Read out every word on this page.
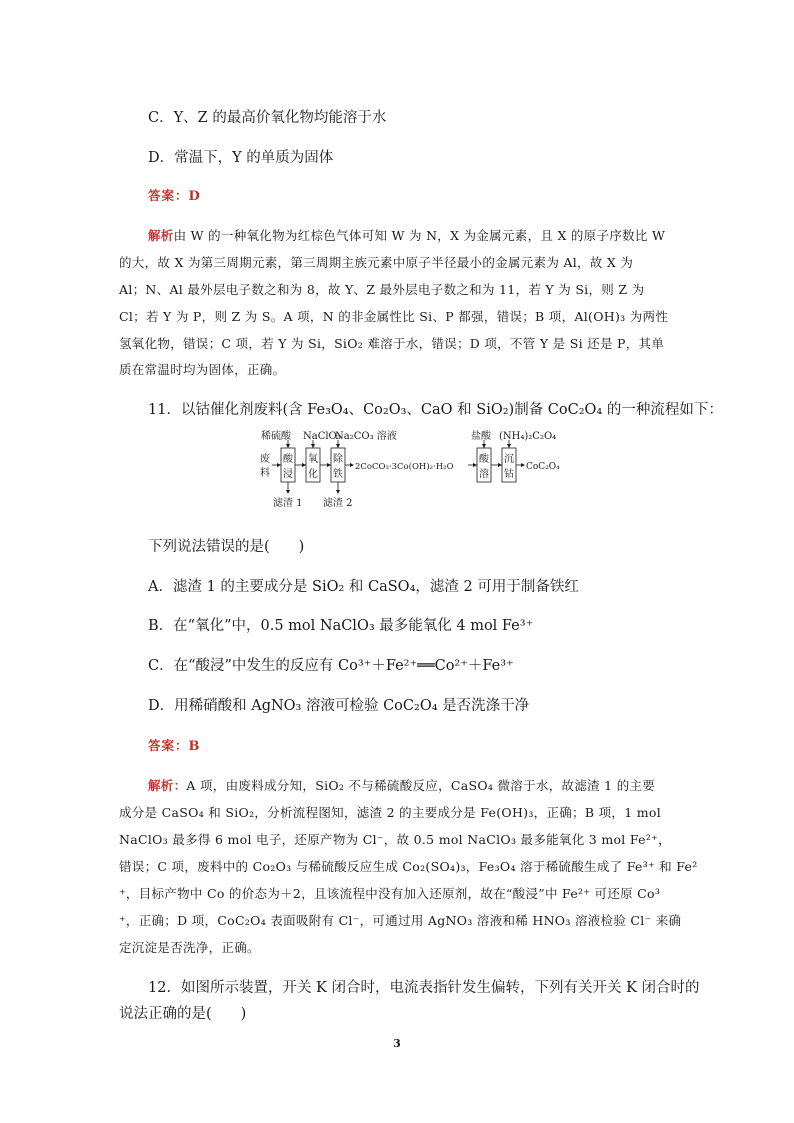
C．Y、Z 的最高价氧化物均能溶于水
D．常温下，Y 的单质为固体
答案：D
解析由 W 的一种氧化物为红棕色气体可知 W 为 N，X 为金属元素，且 X 的原子序数比 W
的大，故 X 为第三周期元素，第三周期主族元素中原子半径最小的金属元素为 Al，故 X 为
Al；N、Al 最外层电子数之和为 8，故 Y、Z 最外层电子数之和为 11，若 Y 为 Si，则 Z 为
Cl；若 Y 为 P，则 Z 为 S。A 项，N 的非金属性比 Si、P 都强，错误；B 项，Al(OH)₃ 为两性
氢氧化物，错误；C 项，若 Y 为 Si，SiO₂ 难溶于水，错误；D 项，不管 Y 是 Si 还是 P，其单
质在常温时均为固体，正确。
11．以钴催化剂废料(含 Fe₃O₄、Co₂O₃、CaO 和 SiO₂)制备 CoC₂O₄ 的一种流程如下：
稀硫酸 NaClO₃
Na₂CO₃ 溶液	盐酸 (NH₄)₂C₂O₄
废
料
酸
浸
氧
化
除
铁
2CoCO₃·3Co(OH)₂·H₂O
酸
溶
沉
钴
CoC₂O₄
滤渣 1 滤渣 2
下列说法错误的是(　　)
A．滤渣 1 的主要成分是 SiO₂ 和 CaSO₄，滤渣 2 可用于制备铁红
B．在“氧化”中，0.5 mol NaClO₃ 最多能氧化 4 mol Fe³⁺
C．在“酸浸”中发生的反应有 Co³⁺＋Fe²⁺══Co²⁺＋Fe³⁺
D．用稀硝酸和 AgNO₃ 溶液可检验 CoC₂O₄ 是否洗涤干净
答案：B
解析：A 项，由废料成分知，SiO₂ 不与稀硫酸反应，CaSO₄ 微溶于水，故滤渣 1 的主要
成分是 CaSO₄ 和 SiO₂，分析流程图知，滤渣 2 的主要成分是 Fe(OH)₃，正确；B 项，1 mol
NaClO₃ 最多得 6 mol 电子，还原产物为 Cl⁻，故 0.5 mol NaClO₃ 最多能氧化 3 mol Fe²⁺，
错误；C 项，废料中的 Co₂O₃ 与稀硫酸反应生成 Co₂(SO₄)₃，Fe₃O₄ 溶于稀硫酸生成了 Fe³⁺ 和 Fe²
⁺，目标产物中 Co 的价态为＋2，且该流程中没有加入还原剂，故在“酸浸”中 Fe²⁺ 可还原 Co³
⁺，正确；D 项，CoC₂O₄ 表面吸附有 Cl⁻，可通过用 AgNO₃ 溶液和稀 HNO₃ 溶液检验 Cl⁻ 来确
定沉淀是否洗净，正确。
12．如图所示装置，开关 K 闭合时，电流表指针发生偏转，下列有关开关 K 闭合时的
说法正确的是(　　)
3
